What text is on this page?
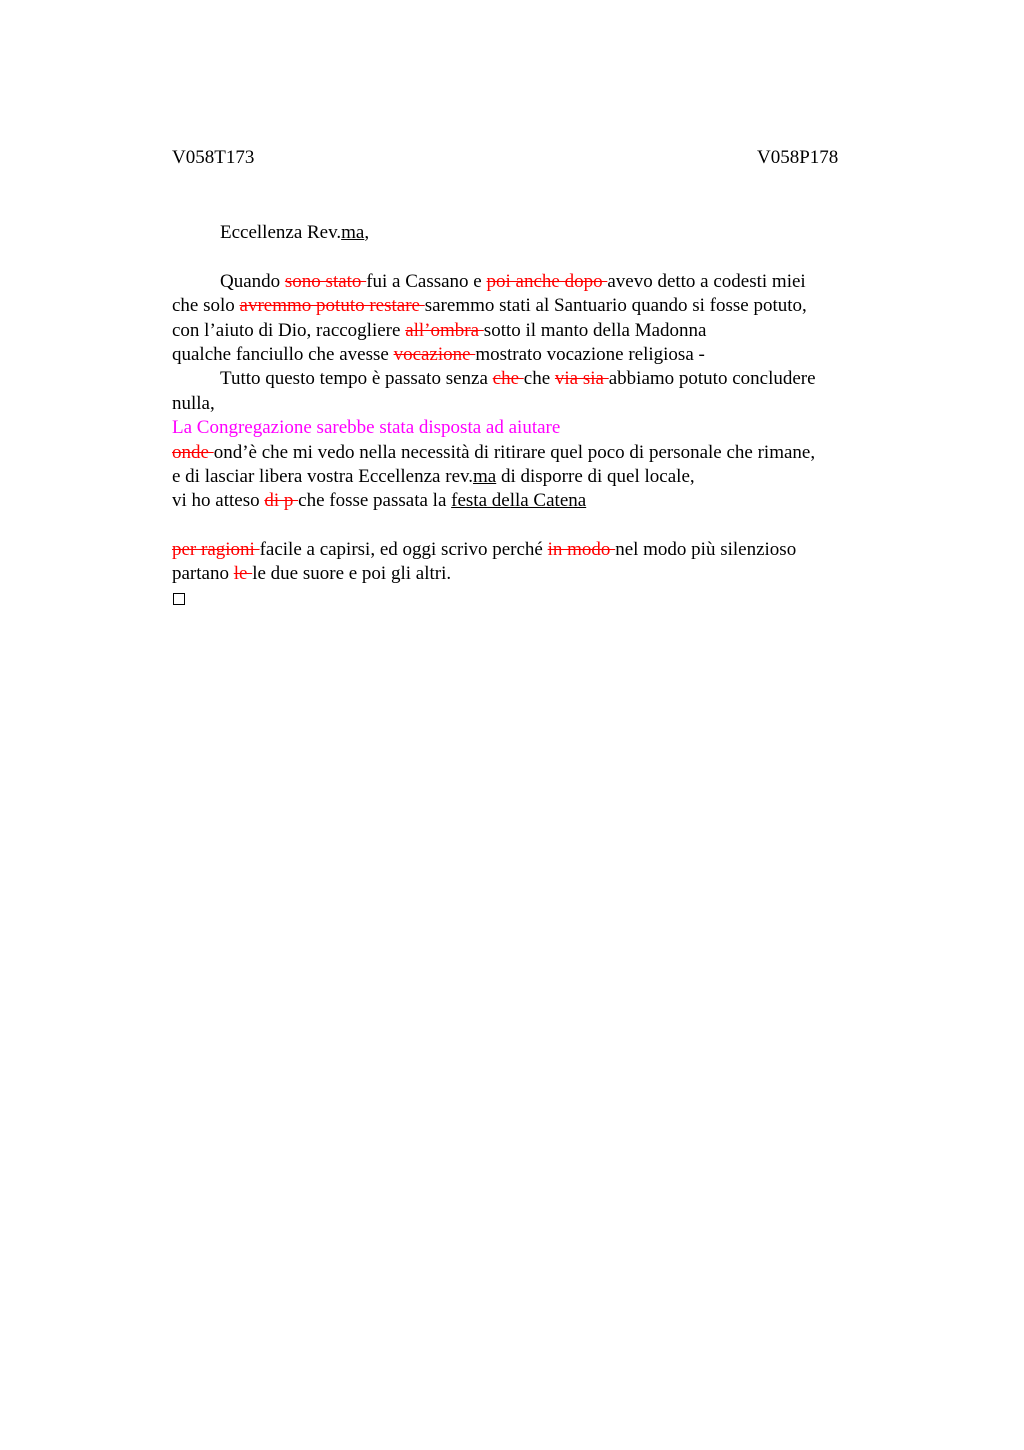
V058T173	V058P178
Eccellenza Rev.ma,
Quando sono stato fui a Cassano e poi anche dopo avevo detto a codesti miei
che solo avremmo potuto restare saremmo stati al Santuario quando si fosse potuto,
con l’aiuto di Dio, raccogliere all’ombra sotto il manto della Madonna
qualche fanciullo che avesse vocazione mostrato vocazione religiosa -
Tutto questo tempo è passato senza che che via sia abbiamo potuto concludere
nulla,
La Congregazione sarebbe stata disposta ad aiutare
onde ond’è che mi vedo nella necessità di ritirare quel poco di personale che rimane,
e di lasciar libera vostra Eccellenza rev.ma di disporre di quel locale,
vi ho atteso di p che fosse passata la festa della Catena
per ragioni facile a capirsi, ed oggi scrivo perché in modo nel modo più silenzioso
partano le le due suore e poi gli altri.
